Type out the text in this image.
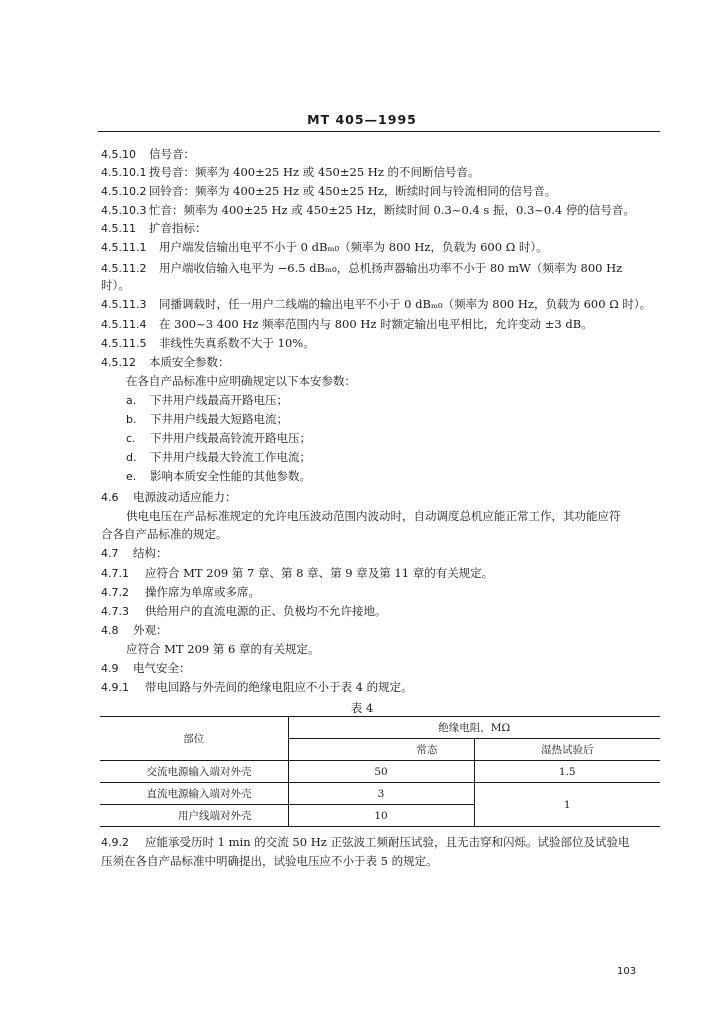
MT 405—1995
4.5.10 信号音：
4.5.10.1 拨号音：频率为 400±25 Hz 或 450±25 Hz 的不间断信号音。
4.5.10.2 回铃音：频率为 400±25 Hz 或 450±25 Hz，断续时间与铃流相同的信号音。
4.5.10.3 忙音：频率为 400±25 Hz 或 450±25 Hz，断续时间 0.3~0.4 s 振，0.3~0.4 停的信号音。
4.5.11 扩音指标：
4.5.11.1 用户端发信输出电平不小于 0 dBₘ₀（频率为 800 Hz，负载为 600 Ω 时）。
4.5.11.2 用户端收信输入电平为 −6.5 dBₘ₀，总机扬声器输出功率不小于 80 mW（频率为 800 Hz
时）。
4.5.11.3 同播调载时，任一用户二线端的输出电平不小于 0 dBₘ₀（频率为 800 Hz，负载为 600 Ω 时）。
4.5.11.4 在 300~3 400 Hz 频率范围内与 800 Hz 时额定输出电平相比，允许变动 ±3 dB。
4.5.11.5 非线性失真系数不大于 10%。
4.5.12 本质安全参数：
在各自产品标准中应明确规定以下本安参数：
a. 下井用户线最高开路电压；
b. 下井用户线最大短路电流；
c. 下井用户线最高铃流开路电压；
d. 下井用户线最大铃流工作电流；
e. 影响本质安全性能的其他参数。
4.6 电源波动适应能力：
供电电压在产品标准规定的允许电压波动范围内波动时，自动调度总机应能正常工作，其功能应符
合各自产品标准的规定。
4.7 结构：
4.7.1 应符合 MT 209 第 7 章、第 8 章、第 9 章及第 11 章的有关规定。
4.7.2 操作席为单席或多席。
4.7.3 供给用户的直流电源的正、负极均不允许接地。
4.8 外观：
应符合 MT 209 第 6 章的有关规定。
4.9 电气安全：
4.9.1 带电回路与外壳间的绝缘电阻应不小于表 4 的规定。
表 4
部位	绝缘电阻，MΩ	
	常态	湿热试验后
交流电源输入端对外壳	50	1.5
直流电源输入端对外壳	3	1
用户线端对外壳	10	
4.9.2 应能承受历时 1 min 的交流 50 Hz 正弦波工频耐压试验，且无击穿和闪烁。试验部位及试验电
压须在各自产品标准中明确提出，试验电压应不小于表 5 的规定。
103
